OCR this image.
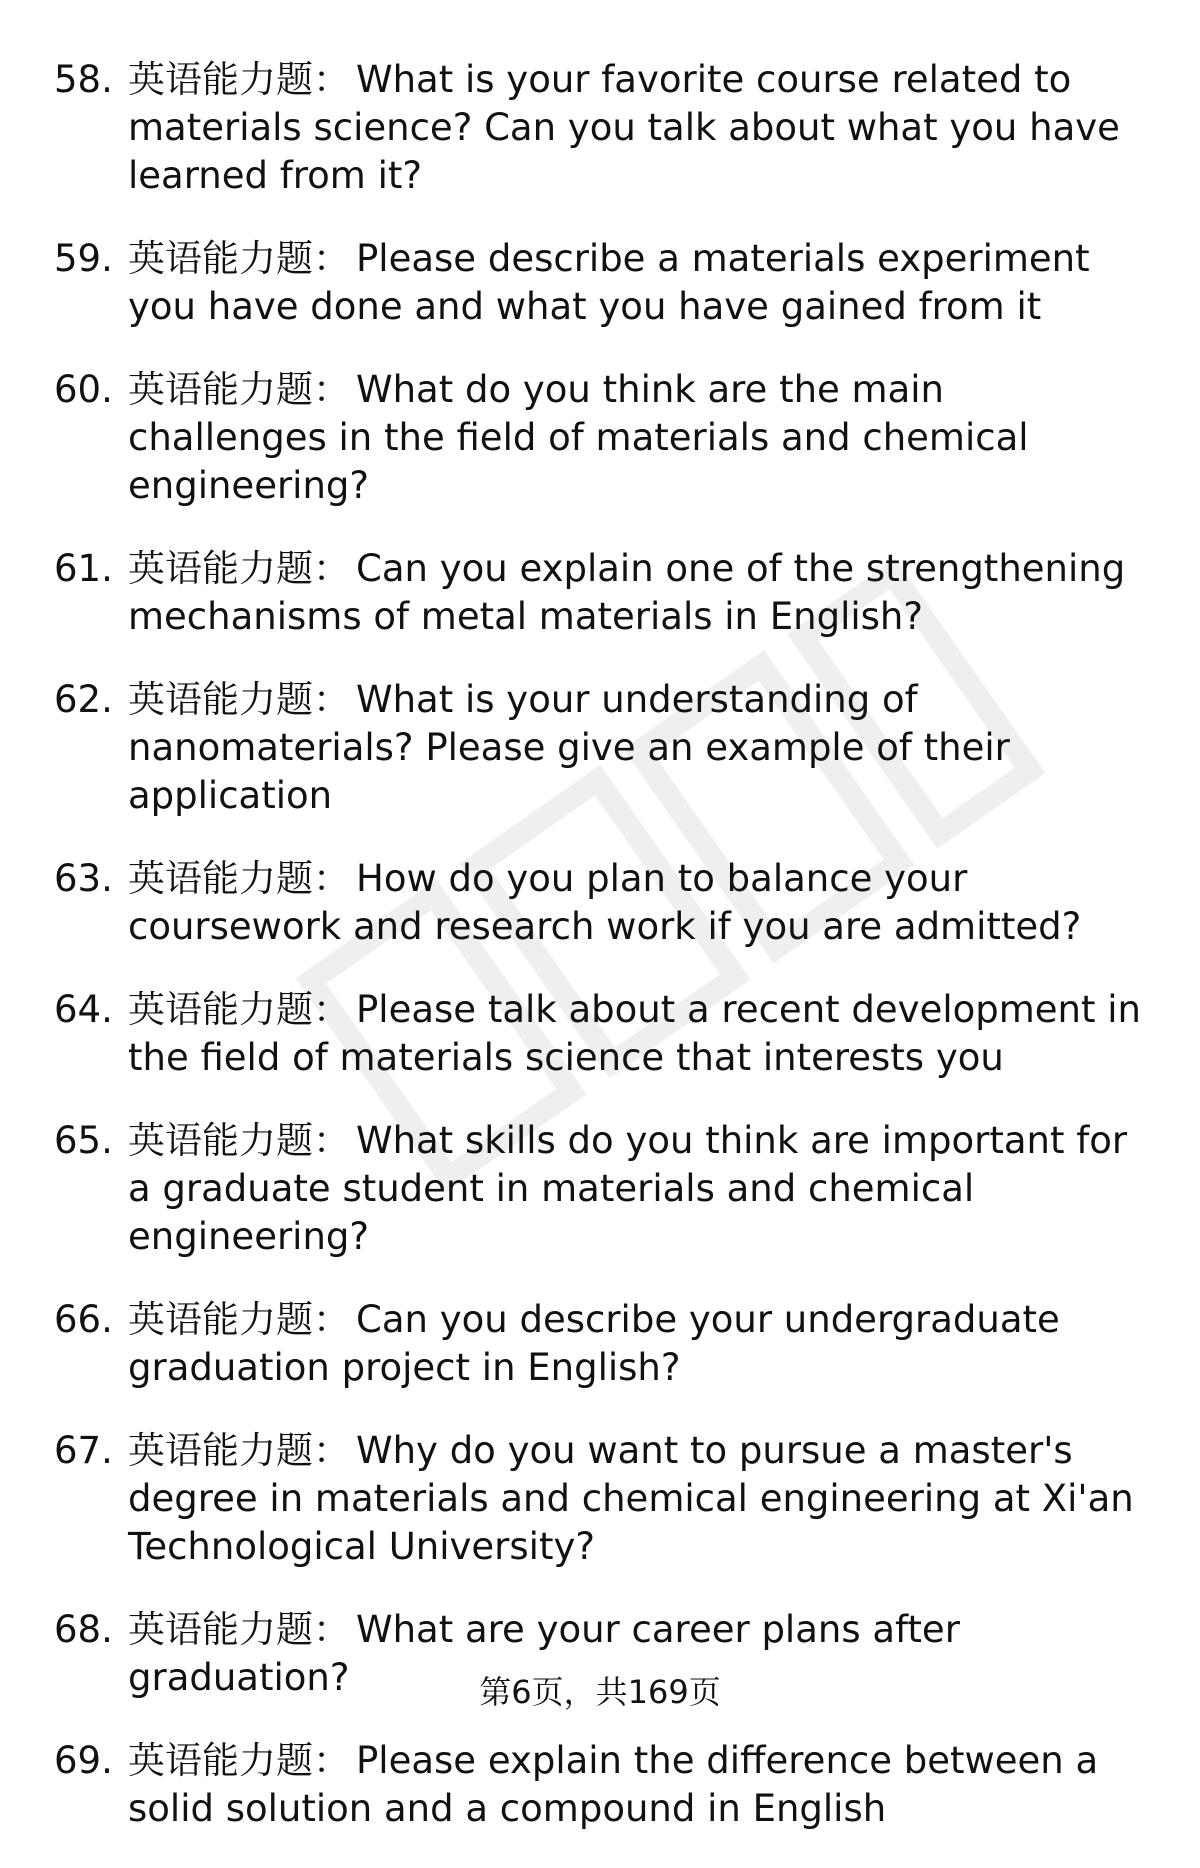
58. 英语能力题： What is your favorite course related to materials science? Can you talk about what you have learned from it?
59. 英语能力题： Please describe a materials experiment you have done and what you have gained from it
60. 英语能力题： What do you think are the main challenges in the field of materials and chemical engineering?
61. 英语能力题： Can you explain one of the strengthening mechanisms of metal materials in English?
62. 英语能力题： What is your understanding of nanomaterials? Please give an example of their application
63. 英语能力题： How do you plan to balance your coursework and research work if you are admitted?
64. 英语能力题： Please talk about a recent development in the field of materials science that interests you
65. 英语能力题： What skills do you think are important for a graduate student in materials and chemical engineering?
66. 英语能力题： Can you describe your undergraduate graduation project in English?
67. 英语能力题： Why do you want to pursue a master's degree in materials and chemical engineering at Xi'an Technological University?
68. 英语能力题： What are your career plans after graduation?
69. 英语能力题： Please explain the difference between a solid solution and a compound in English
第6页，共169页
